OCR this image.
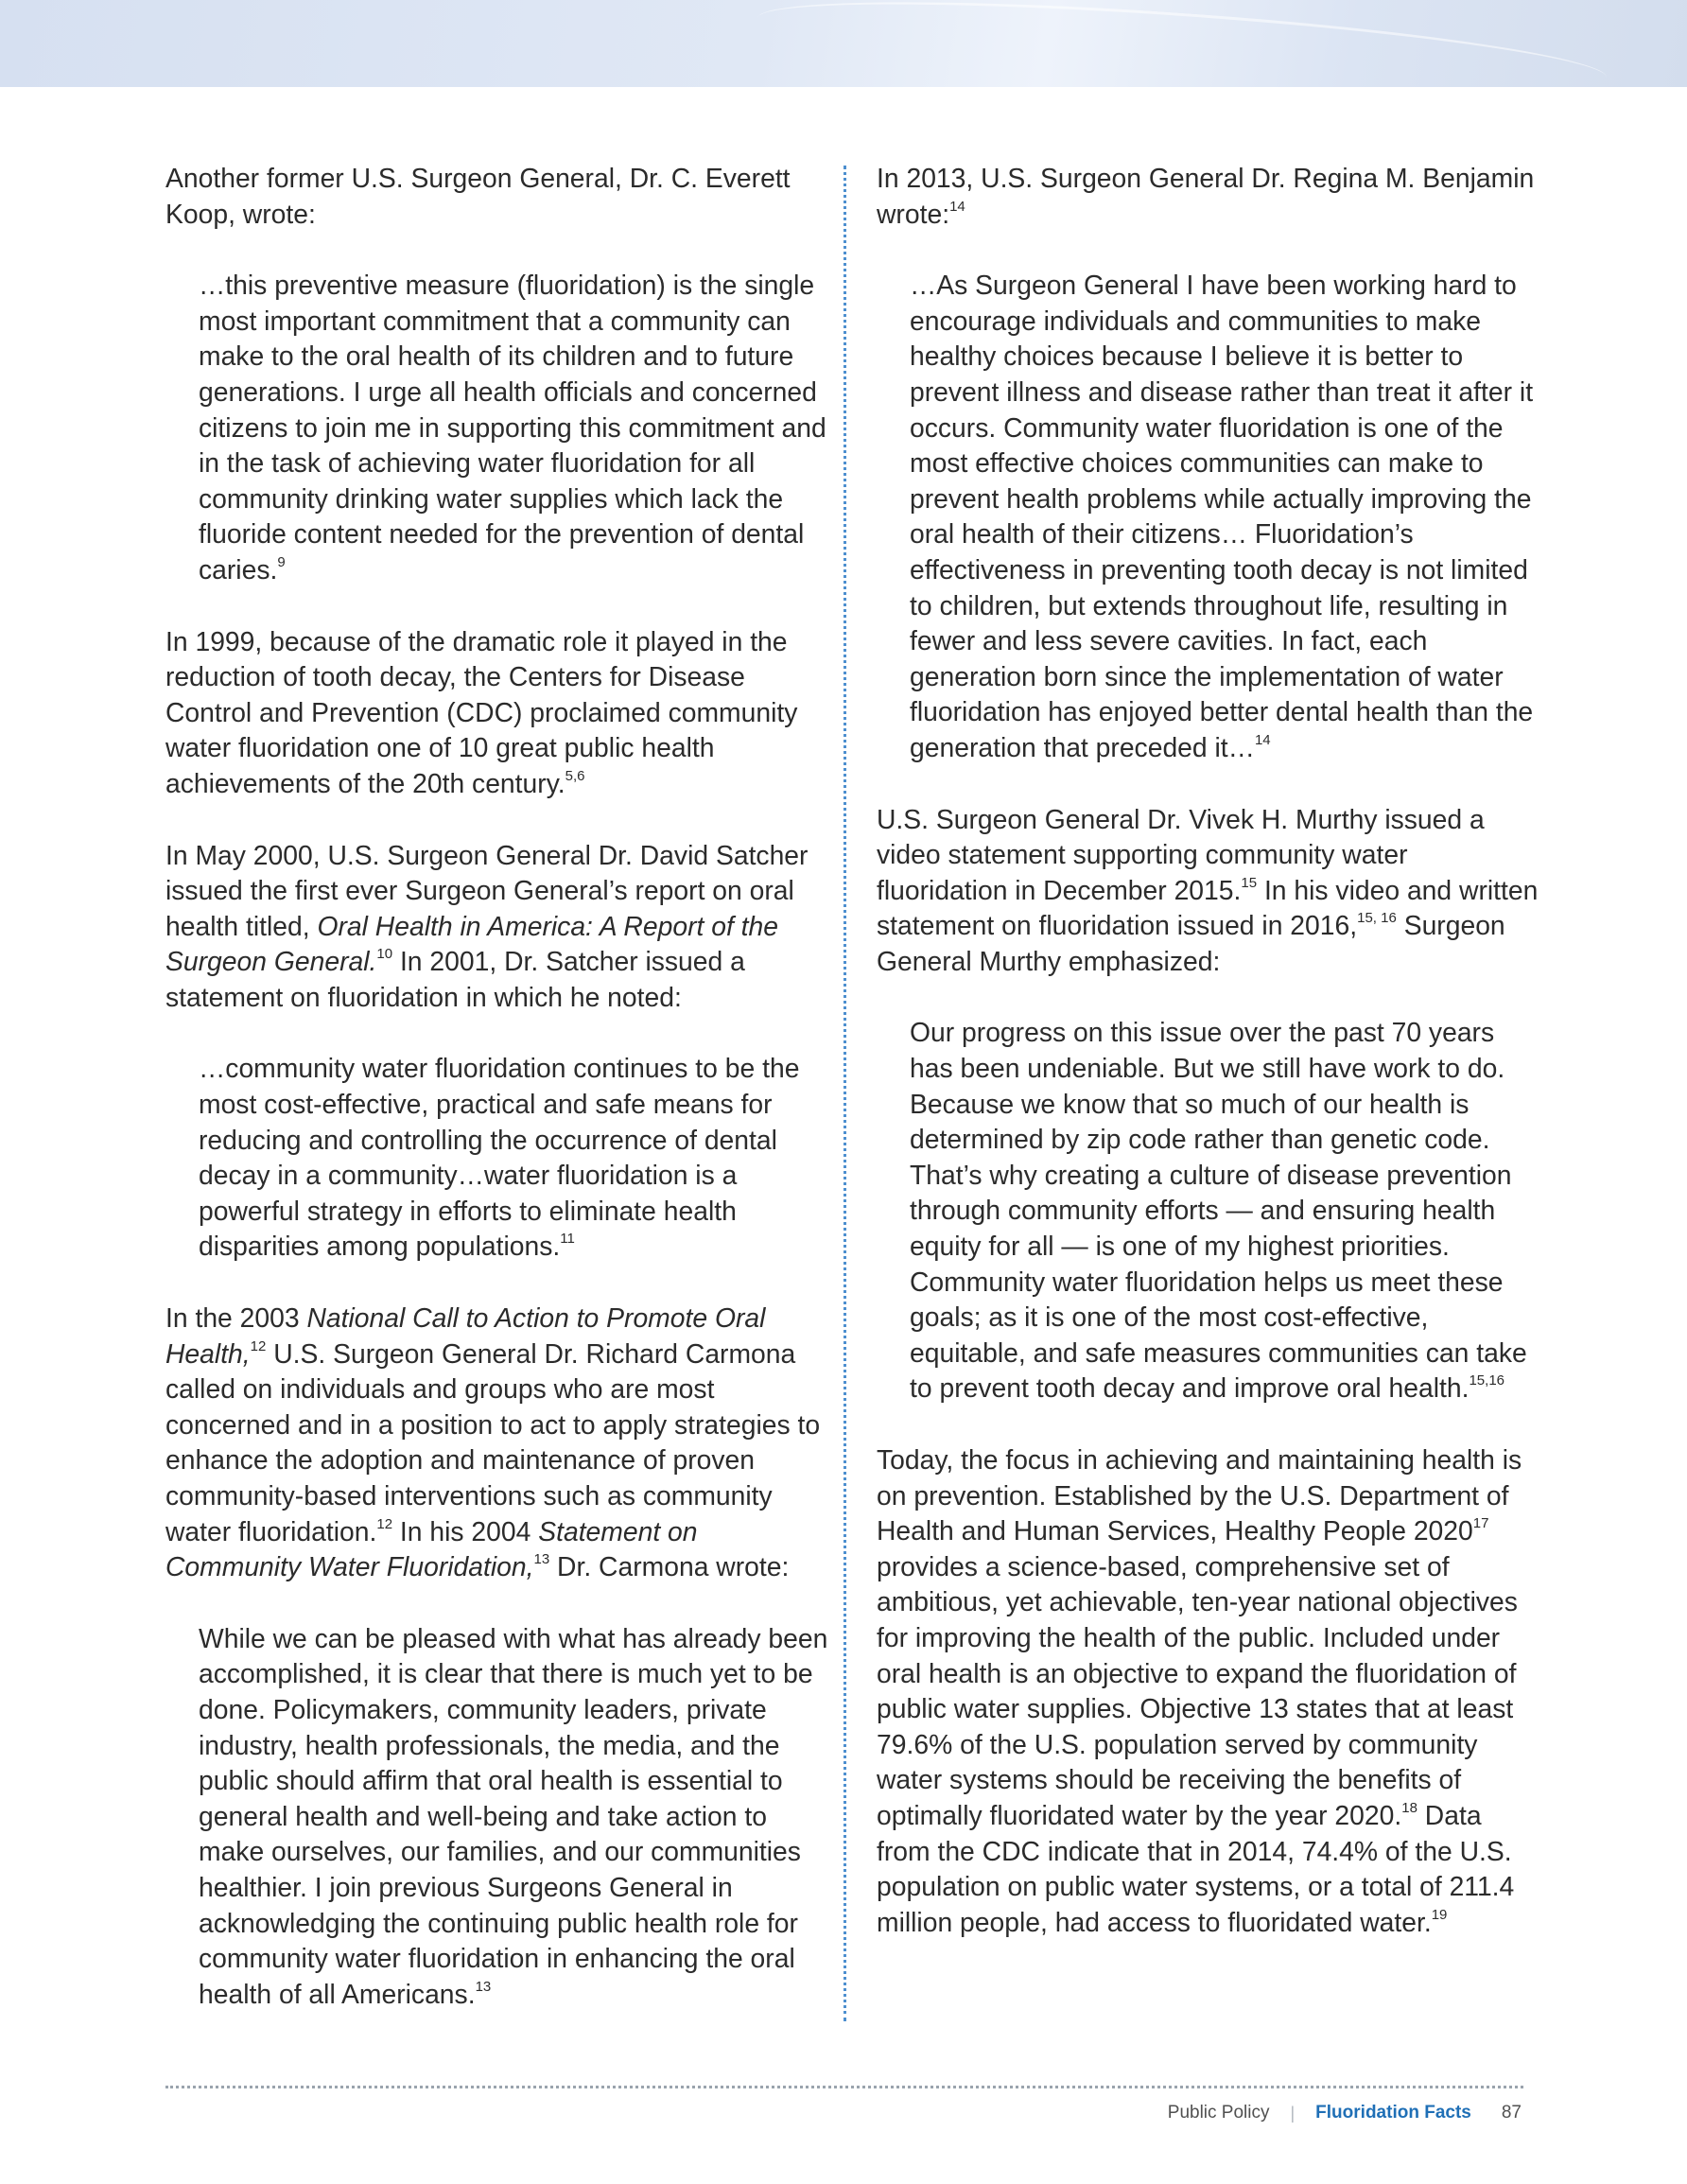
Another former U.S. Surgeon General, Dr. C. Everett Koop, wrote:

…this preventive measure (fluoridation) is the single most important commitment that a community can make to the oral health of its children and to future generations. I urge all health officials and concerned citizens to join me in supporting this commitment and in the task of achieving water fluoridation for all community drinking water supplies which lack the fluoride content needed for the prevention of dental caries.$^9$

In 1999, because of the dramatic role it played in the reduction of tooth decay, the Centers for Disease Control and Prevention (CDC) proclaimed community water fluoridation one of 10 great public health achievements of the 20th century.$^{5,6}$

In May 2000, U.S. Surgeon General Dr. David Satcher issued the first ever Surgeon General’s report on oral health titled, Oral Health in America: A Report of the Surgeon General.$^{10}$ In 2001, Dr. Satcher issued a statement on fluoridation in which he noted:

…community water fluoridation continues to be the most cost-effective, practical and safe means for reducing and controlling the occurrence of dental decay in a community…water fluoridation is a powerful strategy in efforts to eliminate health disparities among populations.$^{11}$

In the 2003 National Call to Action to Promote Oral Health,$^{12}$ U.S. Surgeon General Dr. Richard Carmona called on individuals and groups who are most concerned and in a position to act to apply strategies to enhance the adoption and maintenance of proven community-based interventions such as community water fluoridation.$^{12}$ In his 2004 Statement on Community Water Fluoridation,$^{13}$ Dr. Carmona wrote:

While we can be pleased with what has already been accomplished, it is clear that there is much yet to be done. Policymakers, community leaders, private industry, health professionals, the media, and the public should affirm that oral health is essential to general health and well-being and take action to make ourselves, our families, and our communities healthier. I join previous Surgeons General in acknowledging the continuing public health role for community water fluoridation in enhancing the oral health of all Americans.$^{13}$

In 2013, U.S. Surgeon General Dr. Regina M. Benjamin wrote:$^{14}$

…As Surgeon General I have been working hard to encourage individuals and communities to make healthy choices because I believe it is better to prevent illness and disease rather than treat it after it occurs. Community water fluoridation is one of the most effective choices communities can make to prevent health problems while actually improving the oral health of their citizens… Fluoridation’s effectiveness in preventing tooth decay is not limited to children, but extends throughout life, resulting in fewer and less severe cavities. In fact, each generation born since the implementation of water fluoridation has enjoyed better dental health than the generation that preceded it…$^{14}$

U.S. Surgeon General Dr. Vivek H. Murthy issued a video statement supporting community water fluoridation in December 2015.15 In his video and written statement on fluoridation issued in 2016,$^{15, 16}$ Surgeon General Murthy emphasized:

Our progress on this issue over the past 70 years has been undeniable. But we still have work to do. Because we know that so much of our health is determined by zip code rather than genetic code. That’s why creating a culture of disease prevention through community efforts — and ensuring health equity for all — is one of my highest priorities. Community water fluoridation helps us meet these goals; as it is one of the most cost-effective, equitable, and safe measures communities can take to prevent tooth decay and improve oral health.$^{15,16}$

Today, the focus in achieving and maintaining health is on prevention. Established by the U.S. Department of Health and Human Services, Healthy People 2020$^{17}$ provides a science-based, comprehensive set of ambitious, yet achievable, ten-year national objectives for improving the health of the public. Included under oral health is an objective to expand the fluoridation of public water supplies. Objective 13 states that at least 79.6% of the U.S. population served by community water systems should be receiving the benefits of optimally fluoridated water by the year 2020.18 Data from the CDC indicate that in 2014, 74.4% of the U.S. population on public water systems, or a total of 211.4 million people, had access to fluoridated water.$^{19}$

Public Policy | Fluoridation Facts 87
